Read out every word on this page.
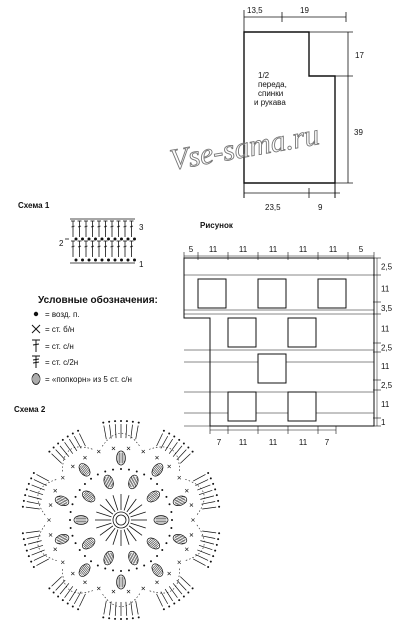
13,5	19
17
39
23,5	9
1/2
переда,
спинки
и рукава
Vse-sama.ru
Схема 1
3
2
1
Условные обозначения:
= возд. п.
= ст. б/н
= ст. с/н
= ст. с/2н
= «попкорн» из 5 ст. с/н
Рисунок
5 11	11	11	11	11	5
7 11	11	11 7
2,5
11
3,5
11
2,5
11
2,5
11
1
Схема 2
